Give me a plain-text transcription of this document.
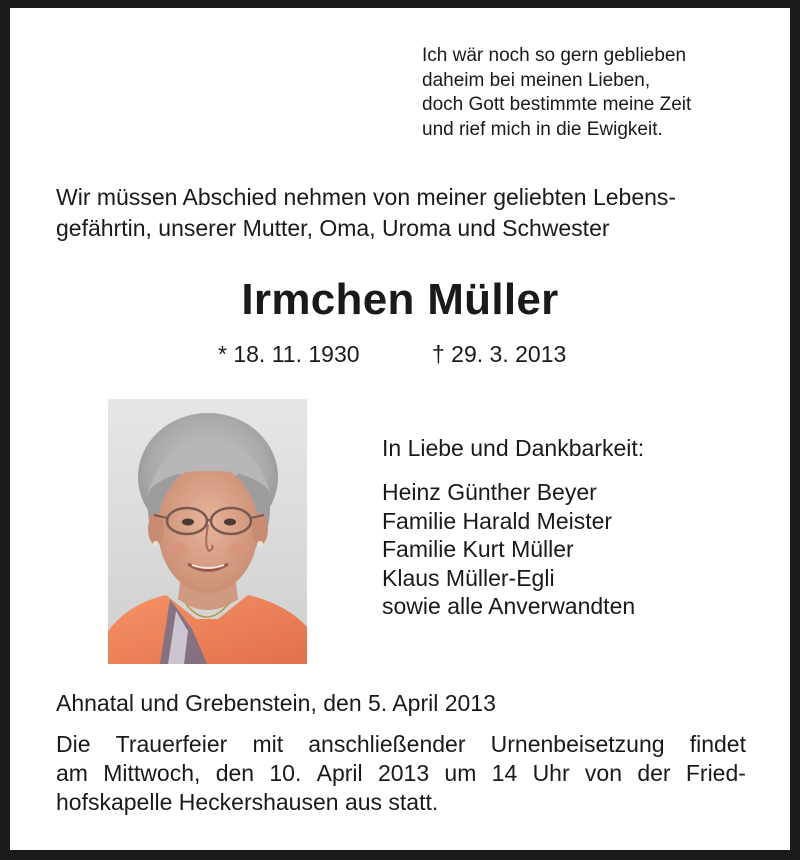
Ich wär noch so gern geblieben
daheim bei meinen Lieben,
doch Gott bestimmte meine Zeit
und rief mich in die Ewigkeit.
Wir müssen Abschied nehmen von meiner geliebten Lebens-
gefährtin, unserer Mutter, Oma, Uroma und Schwester
Irmchen Müller
* 18. 11. 1930	† 29. 3. 2013
In Liebe und Dankbarkeit:
Heinz Günther Beyer
Familie Harald Meister
Familie Kurt Müller
Klaus Müller-Egli
sowie alle Anverwandten
Ahnatal und Grebenstein, den 5. April 2013
Die Trauerfeier mit anschließender Urnenbeisetzung findet
am Mittwoch, den 10. April 2013 um 14 Uhr von der Fried-
hofskapelle Heckershausen aus statt.
